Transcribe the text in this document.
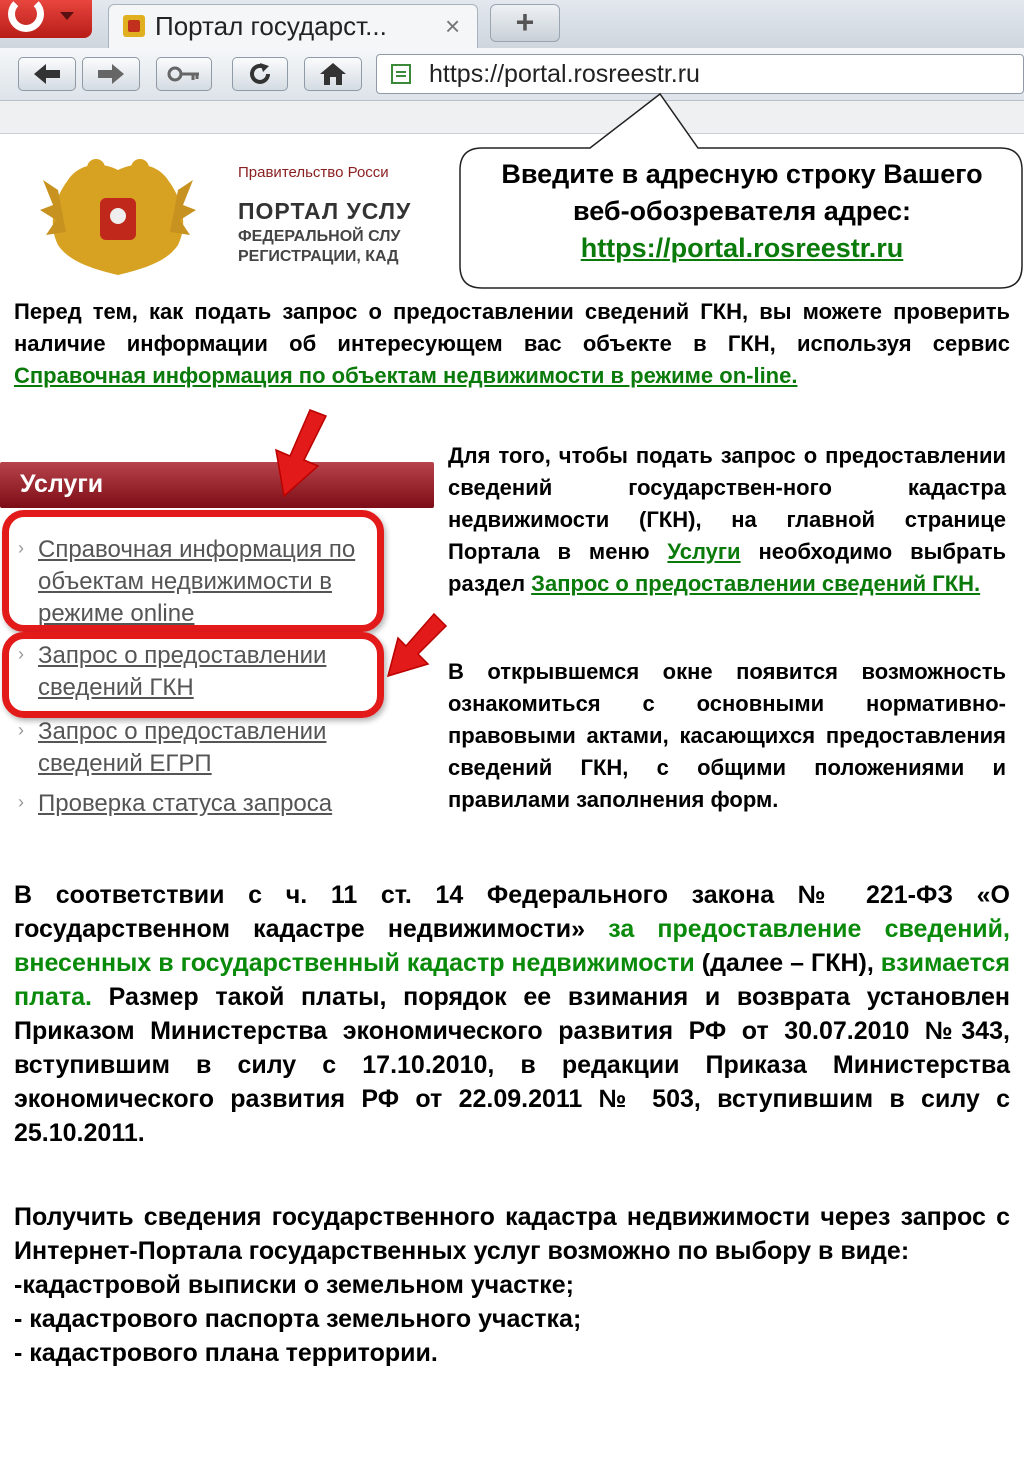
Портал государст... ×	+
https://portal.rosreestr.ru
Правительство Росси
ПОРТАЛ УСЛУ
ФЕДЕРАЛЬНОЙ СЛУ
РЕГИСТРАЦИИ, КАД
Введите в адресную строку Вашего
веб-обозревателя адрес:
https://portal.rosreestr.ru
Перед тем, как подать запрос о предоставлении сведений ГКН, вы можете проверить наличие информации об интересующем вас объекте в ГКН, используя сервис Справочная информация по объектам недвижимости в режиме on-line.
Услуги
› Справочная информация по объектам недвижимости в режиме online
› Запрос о предоставлении сведений ГКН
› Запрос о предоставлении сведений ЕГРП
› Проверка статуса запроса
Для того, чтобы подать запрос о предоставлении сведений государствен-ного кадастра недвижимости (ГКН), на главной странице Портала в меню Услуги необходимо выбрать раздел Запрос о предоставлении сведений ГКН.
В открывшемся окне появится возможность ознакомиться с основными нормативно-правовыми актами, касающихся предоставления сведений ГКН, с общими положениями и правилами заполнения форм.
В соответствии с ч. 11 ст. 14 Федерального закона № 221-ФЗ «О государственном кадастре недвижимости» за предоставление сведений, внесенных в государственный кадастр недвижимости (далее – ГКН), взимается плата. Размер такой платы, порядок ее взимания и возврата установлен Приказом Министерства экономического развития РФ от 30.07.2010 №343, вступившим в силу с 17.10.2010, в редакции Приказа Министерства экономического развития РФ от 22.09.2011 № 503, вступившим в силу с 25.10.2011.
Получить сведения государственного кадастра недвижимости через запрос с Интернет-Портала государственных услуг возможно по выбору в виде:
-кадастровой выписки о земельном участке;
- кадастрового паспорта земельного участка;
- кадастрового плана территории.
